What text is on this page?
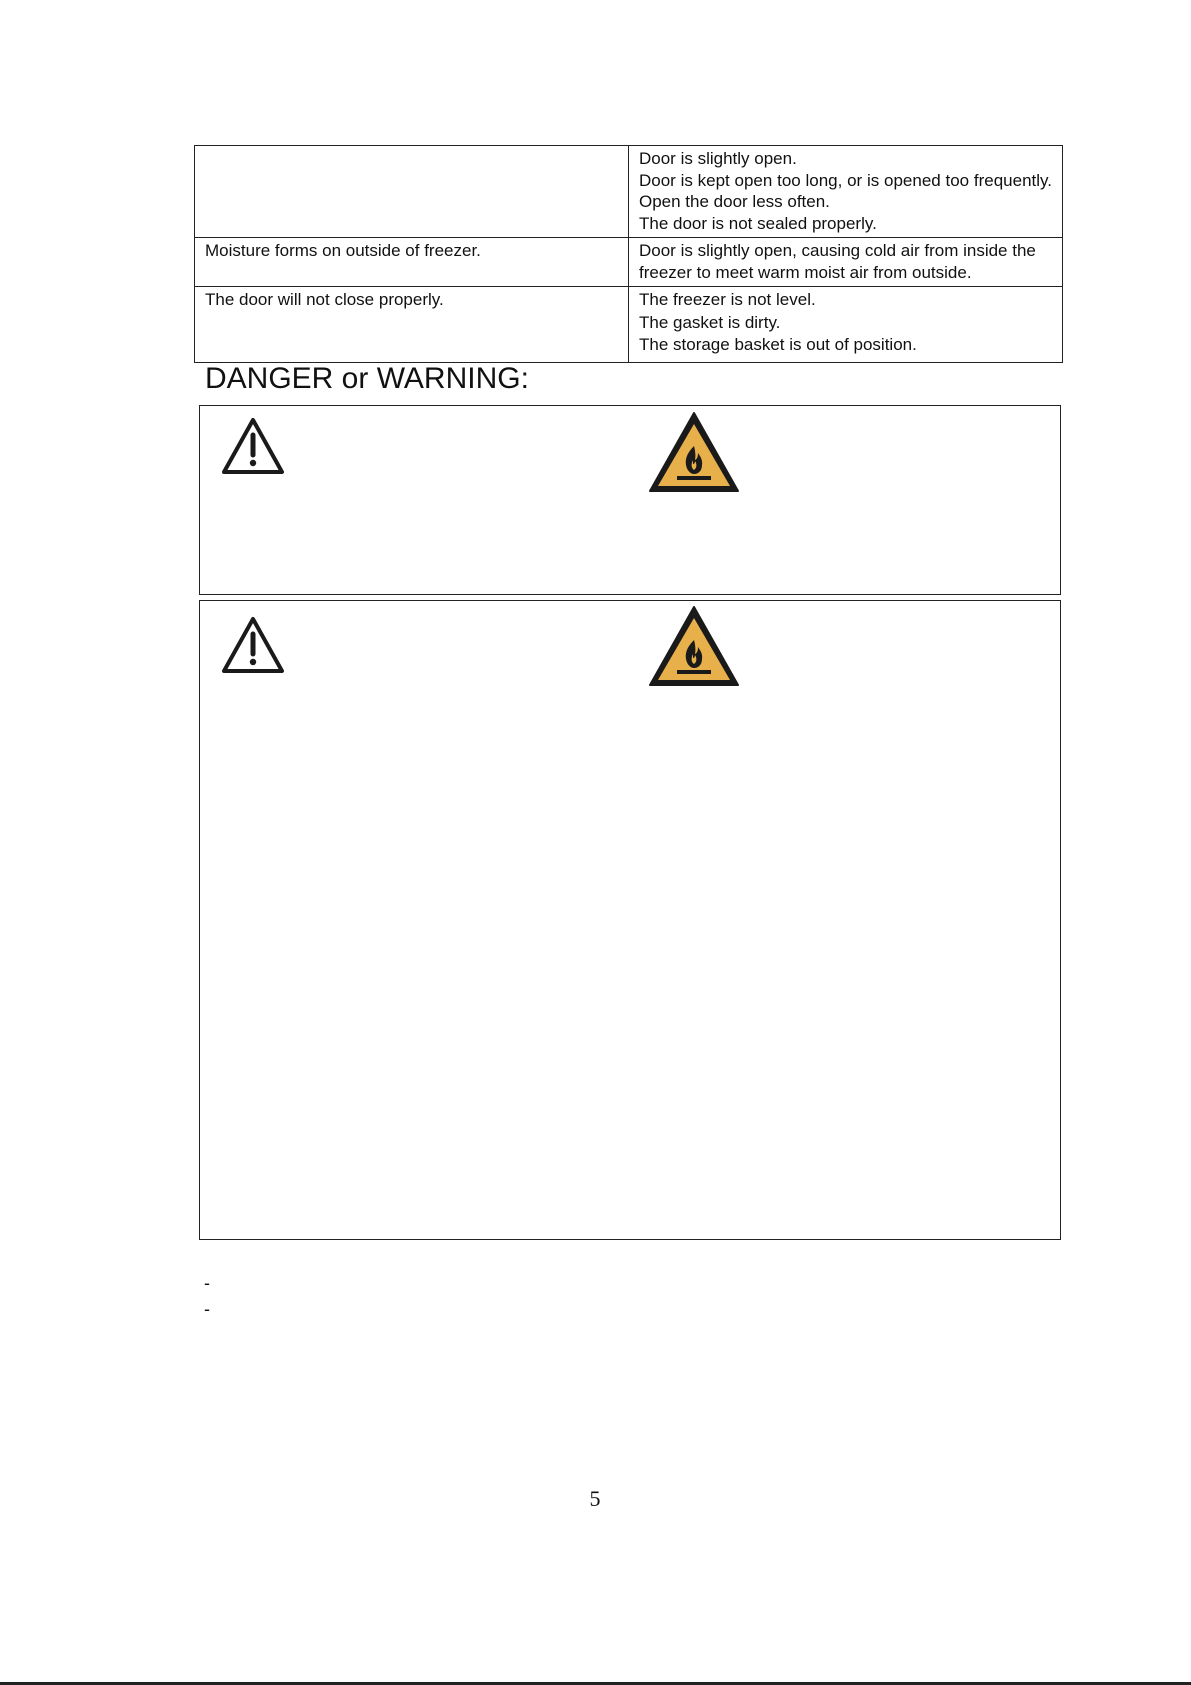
	Door is slightly open.
Door is kept open too long, or is opened too frequently. Open the door less often.
The door is not sealed properly.

Moisture forms on outside of freezer.	Door is slightly open, causing cold air from inside the freezer to meet warm moist air from outside.

The door will not close properly.	The freezer is not level.
The gasket is dirty.
The storage basket is out of position.
DANGER or WARNING:
-
-
5
